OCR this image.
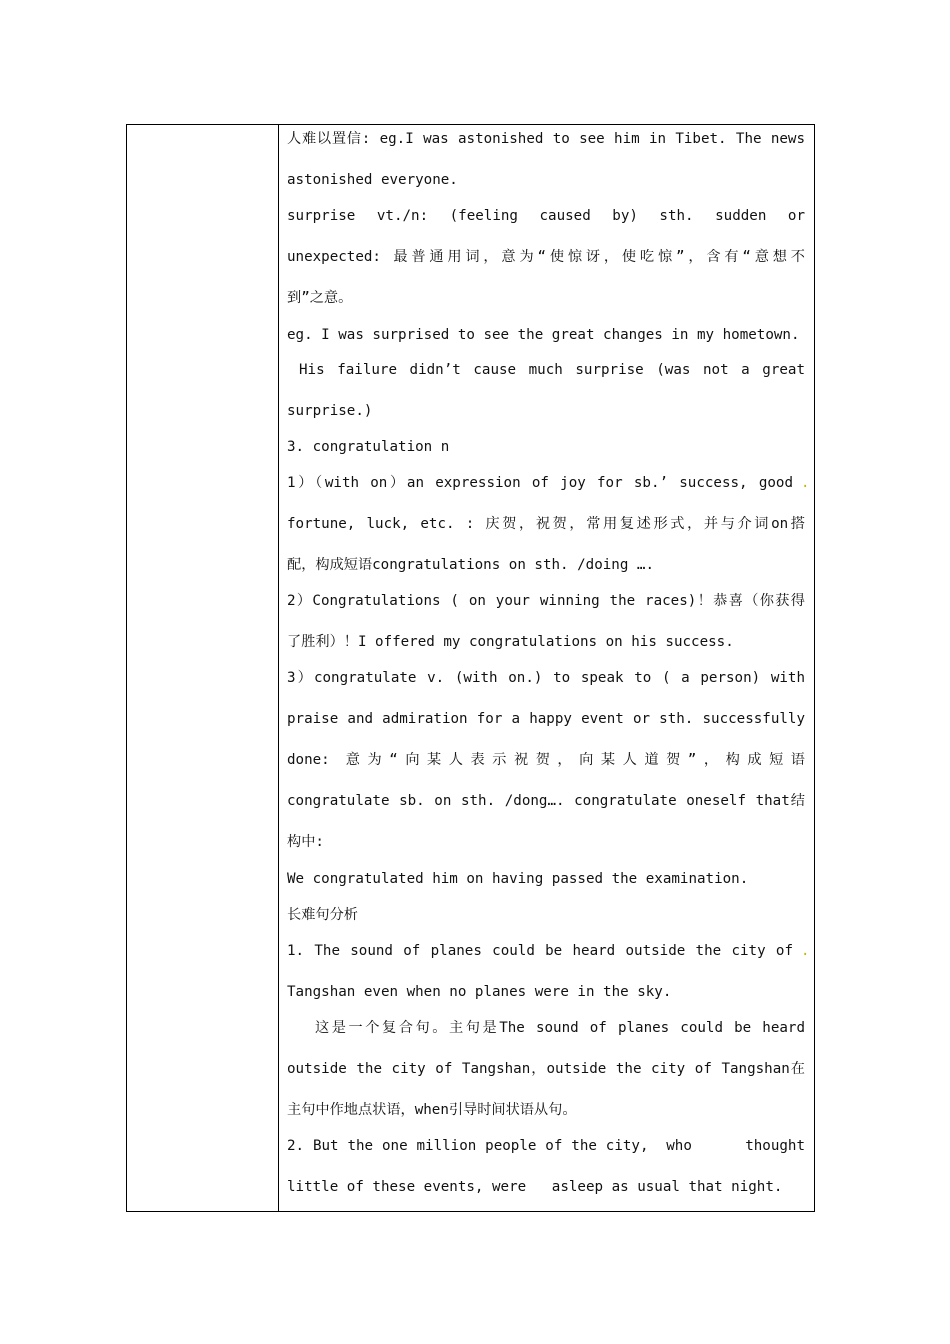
人难以置信: eg.I was astonished to see him in Tibet. The news
astonished everyone.
surprise  vt./n:  (feeling  caused  by)  sth.  sudden  or
unexpected: 最普通用词，意为“使惊讶，使吃惊”，含有“意想不
到”之意。
eg. I was surprised to see the great changes in my hometown.
His failure didn’t cause much surprise (was not a great
surprise.)
3. congratulation n
1）（with on）an expression of joy for sb.’ success, good .
fortune, luck, etc. : 庆贺，祝贺，常用复述形式，并与介词on搭
配，构成短语congratulations on sth. /doing ….
2）Congratulations ( on your winning the races)！恭喜（你获得
了胜利）！I offered my congratulations on his success.
3）congratulate v. (with on.) to speak to ( a person) with
praise and admiration for a happy event or sth. successfully
done: 意为“向某人表示祝贺，向某人道贺”，构成短语
congratulate sb. on sth. /dong…. congratulate oneself that结
构中:
We congratulated him on having passed the examination.
长难句分析
1. The sound of planes could be heard outside the city of .
Tangshan even when no planes were in the sky.
这是一个复合句。主句是The sound of planes could be heard
outside the city of Tangshan，outside the city of Tangshan在
主句中作地点状语，when引导时间状语从句。
2. But the one million people of the city,  who      thought
little of these events, were   asleep as usual that night.
